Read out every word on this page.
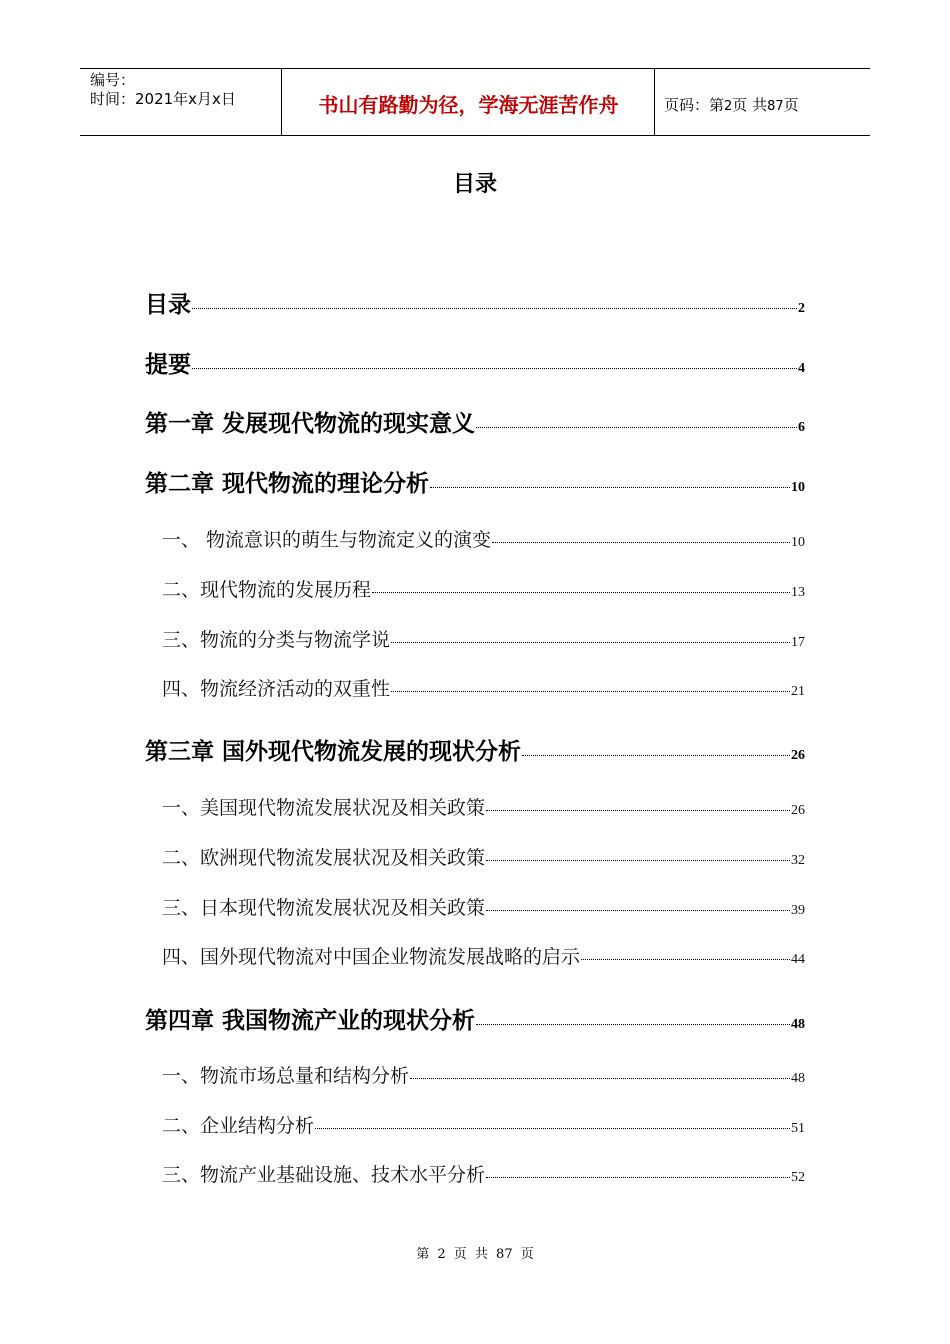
编号：
时间：2021年x月x日	书山有路勤为径，学海无涯苦作舟	页码：第2页 共87页
目录
目录	2
提要	4
第一章 发展现代物流的现实意义	6
第二章 现代物流的理论分析	10
一、 物流意识的萌生与物流定义的演变	10
二、现代物流的发展历程	13
三、物流的分类与物流学说	17
四、物流经济活动的双重性	21
第三章 国外现代物流发展的现状分析	26
一、美国现代物流发展状况及相关政策	26
二、欧洲现代物流发展状况及相关政策	32
三、日本现代物流发展状况及相关政策	39
四、国外现代物流对中国企业物流发展战略的启示	44
第四章 我国物流产业的现状分析	48
一、物流市场总量和结构分析	48
二、企业结构分析	51
三、物流产业基础设施、技术水平分析	52
第 2 页 共 87 页
